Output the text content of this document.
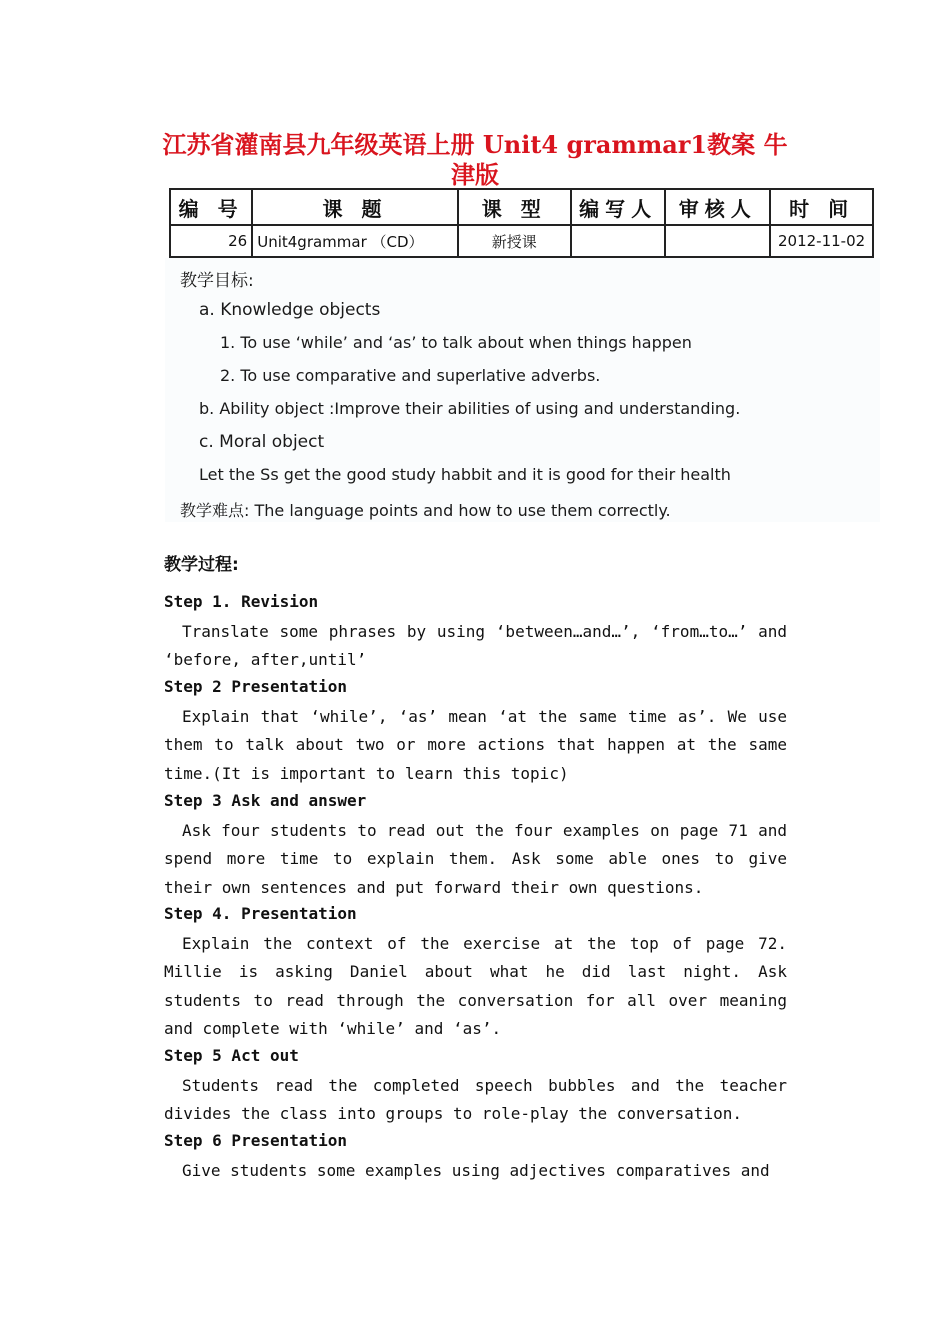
江苏省灌南县九年级英语上册 Unit4 grammar1教案 牛津版
编 号	课 题	课 型	编写人	审核人	时 间
26	Unit4grammar （CD）	新授课			2012-11-02
教学目标:
a. Knowledge objects
1. To use ‘while’ and ‘as’ to talk about when things happen
2. To use comparative and superlative adverbs.
b. Ability object :Improve their abilities of using and understanding.
c. Moral object
Let the Ss get the good study habbit and it is good for their health
教学难点: The language points and how to use them correctly.
教学过程:
Step 1. Revision
Translate some phrases by using ‘between…and…’, ‘from…to…’ and ‘before, after,until’
Step 2 Presentation
Explain that ‘while’, ‘as’ mean ‘at the same time as’. We use them to talk about two or more actions that happen at the same time.(It is important to learn this topic)
Step 3 Ask and answer
Ask four students to read out the four examples on page 71 and spend more time to explain them. Ask some able ones to give their own sentences and put forward their own questions.
Step 4. Presentation
Explain the context of the exercise at the top of page 72. Millie is asking Daniel about what he did last night. Ask students to read through the conversation for all over meaning and complete with ‘while’ and ‘as’.
Step 5 Act out
Students read the completed speech bubbles and the teacher divides the class into groups to role-play the conversation.
Step 6 Presentation
Give students some examples using adjectives comparatives and
